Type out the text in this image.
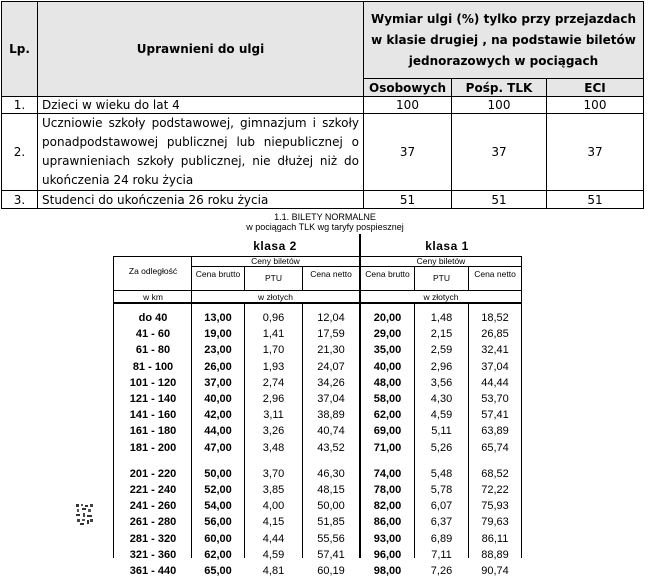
Lp.	Uprawnieni do ulgi	Wymiar ulgi (%) tylko przy przejazdach w klasie drugiej , na podstawie biletów jednorazowych w pociągach		
		Osobowych	Pośp. TLK	ECI
1.	Dzieci w wieku do lat 4	100	100	100
2.	Uczniowie szkoły podstawowej, gimnazjum i szkoły ponadpodstawowej publicznej lub niepublicznej o uprawnieniach szkoły publicznej, nie dłużej niż do ukończenia 24 roku życia	37	37	37
3.	Studenci do ukończenia 26 roku życia	51	51	51
1.1. BILETY NORMALNE
w pociągach TLK wg taryfy pospiesznej
klasa 2	klasa 1
Za odległość
w km
Ceny biletów	Ceny biletów
Cena brutto	PTU	Cena netto	Cena brutto	PTU	Cena netto
w złotych	w złotych
do 40	13,00	0,96	12,04	20,00	1,48	18,52
41 - 60	19,00	1,41	17,59	29,00	2,15	26,85
61 - 80	23,00	1,70	21,30	35,00	2,59	32,41
81 - 100	26,00	1,93	24,07	40,00	2,96	37,04
101 - 120	37,00	2,74	34,26	48,00	3,56	44,44
121 - 140	40,00	2,96	37,04	58,00	4,30	53,70
141 - 160	42,00	3,11	38,89	62,00	4,59	57,41
161 - 180	44,00	3,26	40,74	69,00	5,11	63,89
181 - 200	47,00	3,48	43,52	71,00	5,26	65,74
201 - 220	50,00	3,70	46,30	74,00	5,48	68,52
221 - 240	52,00	3,85	48,15	78,00	5,78	72,22
241 - 260	54,00	4,00	50,00	82,00	6,07	75,93
261 - 280	56,00	4,15	51,85	86,00	6,37	79,63
281 - 320	60,00	4,44	55,56	93,00	6,89	86,11
321 - 360	62,00	4,59	57,41	96,00	7,11	88,89
361 - 440	65,00	4,81	60,19	98,00	7,26	90,74
